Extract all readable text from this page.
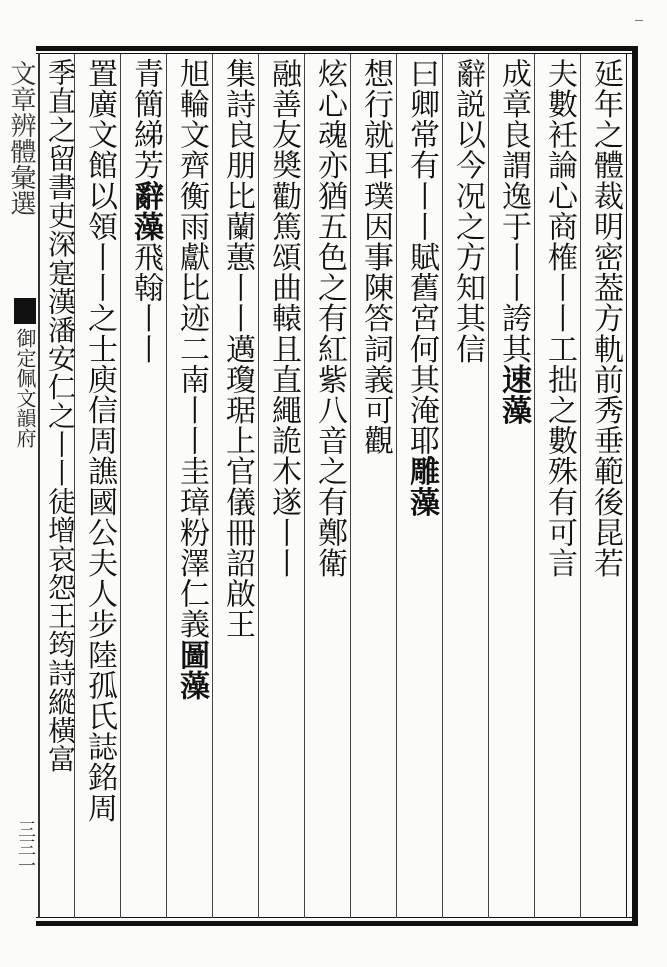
文章辨體彙選
御定佩文韻府
三三一
延年之體裁明密葢方軌前秀垂範後昆若
夫數衽論心商榷丨丨工拙之數殊有可言
成章良謂逸于丨丨誇其速藻
辭説以今况之方知其信
曰卿常有丨丨賦舊宮何其淹耶雕藻
想行就耳璞因事陳答詞義可觀
炫心魂亦猶五色之有紅紫八音之有鄭衛
融善友奬勸篤頌曲轅且直繩詭木遂丨丨
集詩良朋比蘭蕙丨丨邁瓊琚上官儀冊詔啟王
旭輪文齊衡雨獻比迹二南丨丨圭璋粉澤仁義圖藻
青簡綈芳辭藻飛翰丨丨
置廣文館以領丨丨之士庾信周譙國公夫人步陸孤氏誌銘周
季直之留書吏深寔漢潘安仁之丨丨徒增哀怨王筠詩縱橫富
